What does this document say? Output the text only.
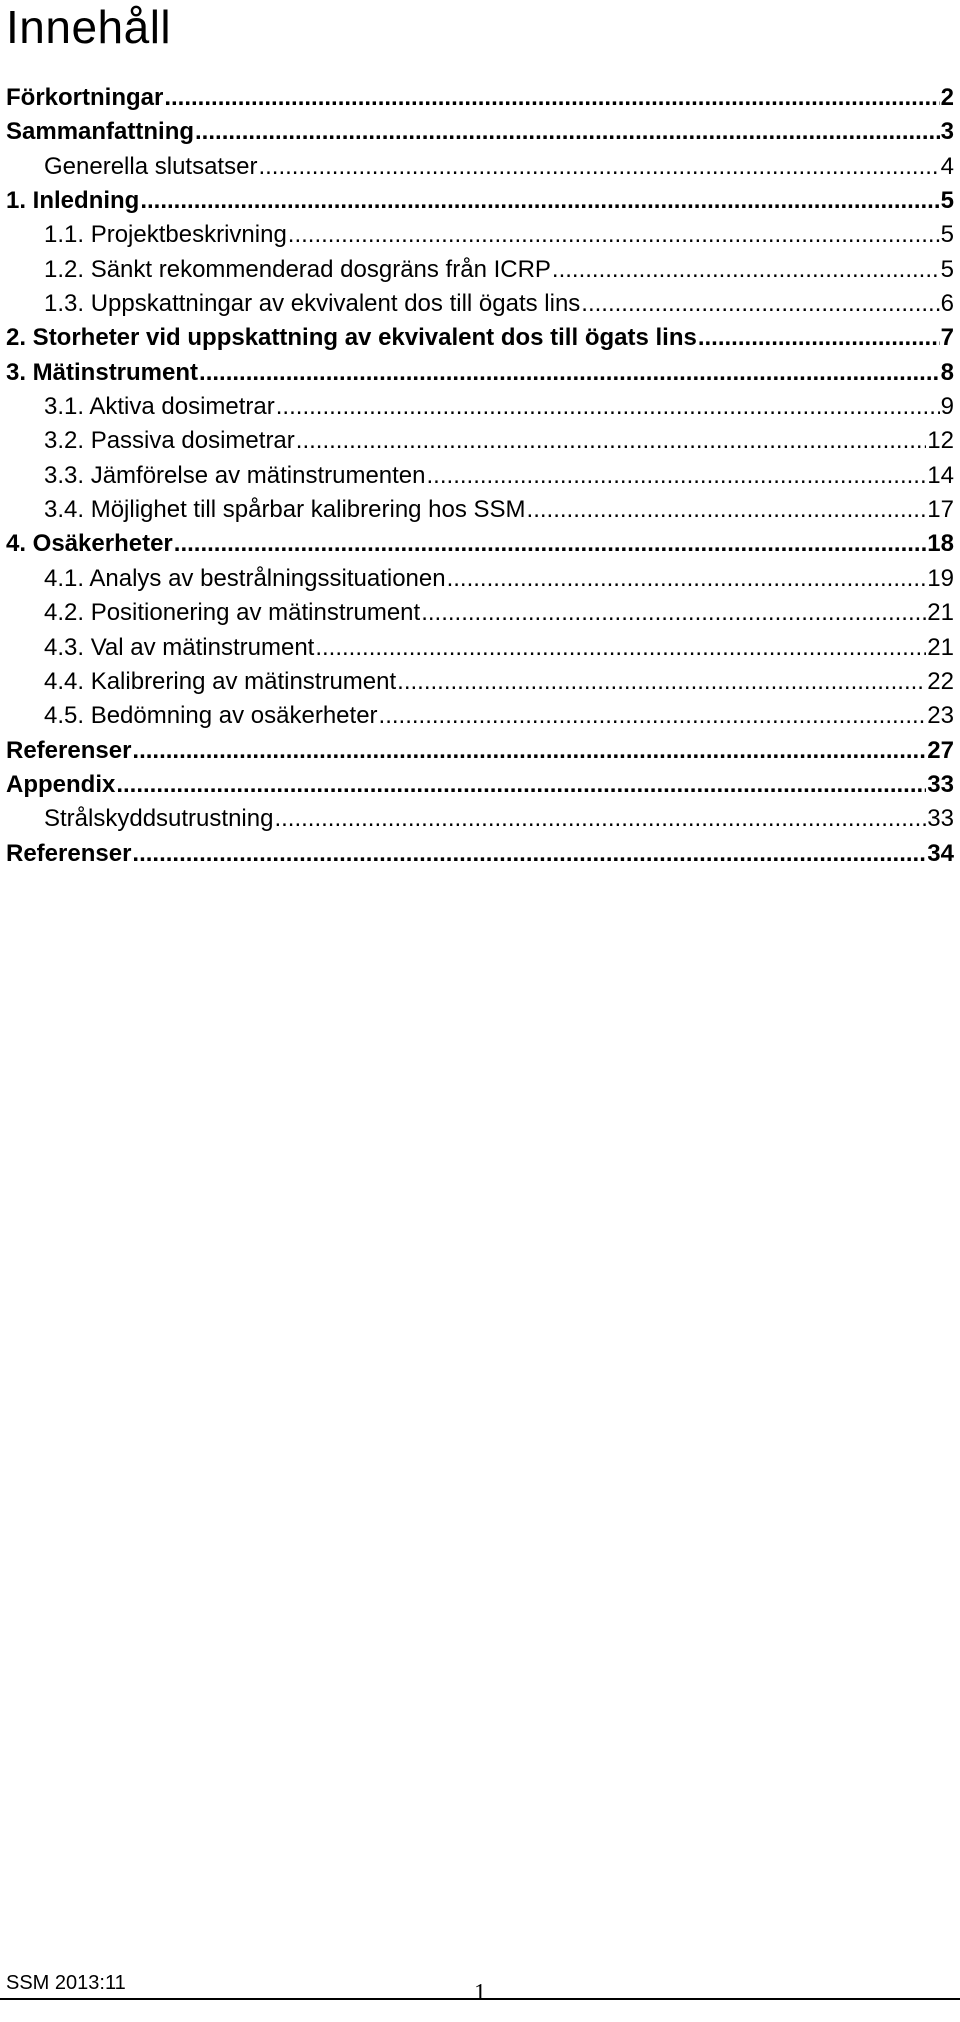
Innehåll
Förkortningar .....	2
Sammanfattning .....	3
Generella slutsatser .....	4
1. Inledning .....	5
1.1. Projektbeskrivning .....	5
1.2. Sänkt rekommenderad dosgräns från ICRP .....	5
1.3. Uppskattningar av ekvivalent dos till ögats lins .....	6
2. Storheter vid uppskattning av ekvivalent dos till ögats lins .....	7
3. Mätinstrument .....	8
3.1. Aktiva dosimetrar .....	9
3.2. Passiva dosimetrar .....	12
3.3. Jämförelse av mätinstrumenten .....	14
3.4. Möjlighet till spårbar kalibrering hos SSM .....	17
4. Osäkerheter .....	18
4.1. Analys av bestrålningssituationen .....	19
4.2. Positionering av mätinstrument .....	21
4.3. Val av mätinstrument .....	21
4.4. Kalibrering av mätinstrument .....	22
4.5. Bedömning av osäkerheter .....	23
Referenser .....	27
Appendix .....	33
Strålskyddsutrustning .....	33
Referenser .....	34
SSM 2013:11	1
